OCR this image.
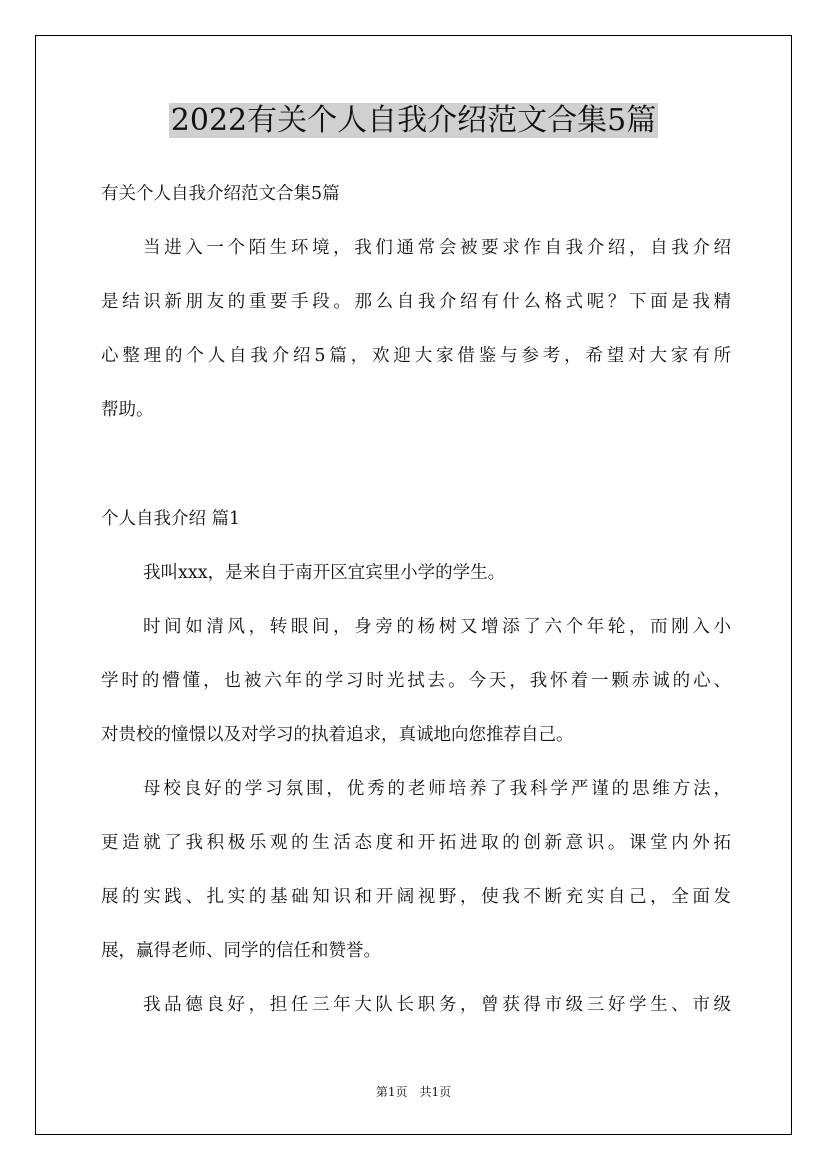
2022有关个人自我介绍范文合集5篇
有关个人自我介绍范文合集5篇
当进入一个陌生环境，我们通常会被要求作自我介绍，自我介绍
是结识新朋友的重要手段。那么自我介绍有什么格式呢？下面是我精
心整理的个人自我介绍5篇，欢迎大家借鉴与参考，希望对大家有所
帮助。
个人自我介绍 篇1
我叫xxx，是来自于南开区宜宾里小学的学生。
时间如清风，转眼间，身旁的杨树又增添了六个年轮，而刚入小
学时的懵懂，也被六年的学习时光拭去。今天，我怀着一颗赤诚的心、
对贵校的憧憬以及对学习的执着追求，真诚地向您推荐自己。
母校良好的学习氛围，优秀的老师培养了我科学严谨的思维方法，
更造就了我积极乐观的生活态度和开拓进取的创新意识。课堂内外拓
展的实践、扎实的基础知识和开阔视野，使我不断充实自己，全面发
展，赢得老师、同学的信任和赞誉。
我品德良好，担任三年大队长职务，曾获得市级三好学生、市级
第1页　共1页
